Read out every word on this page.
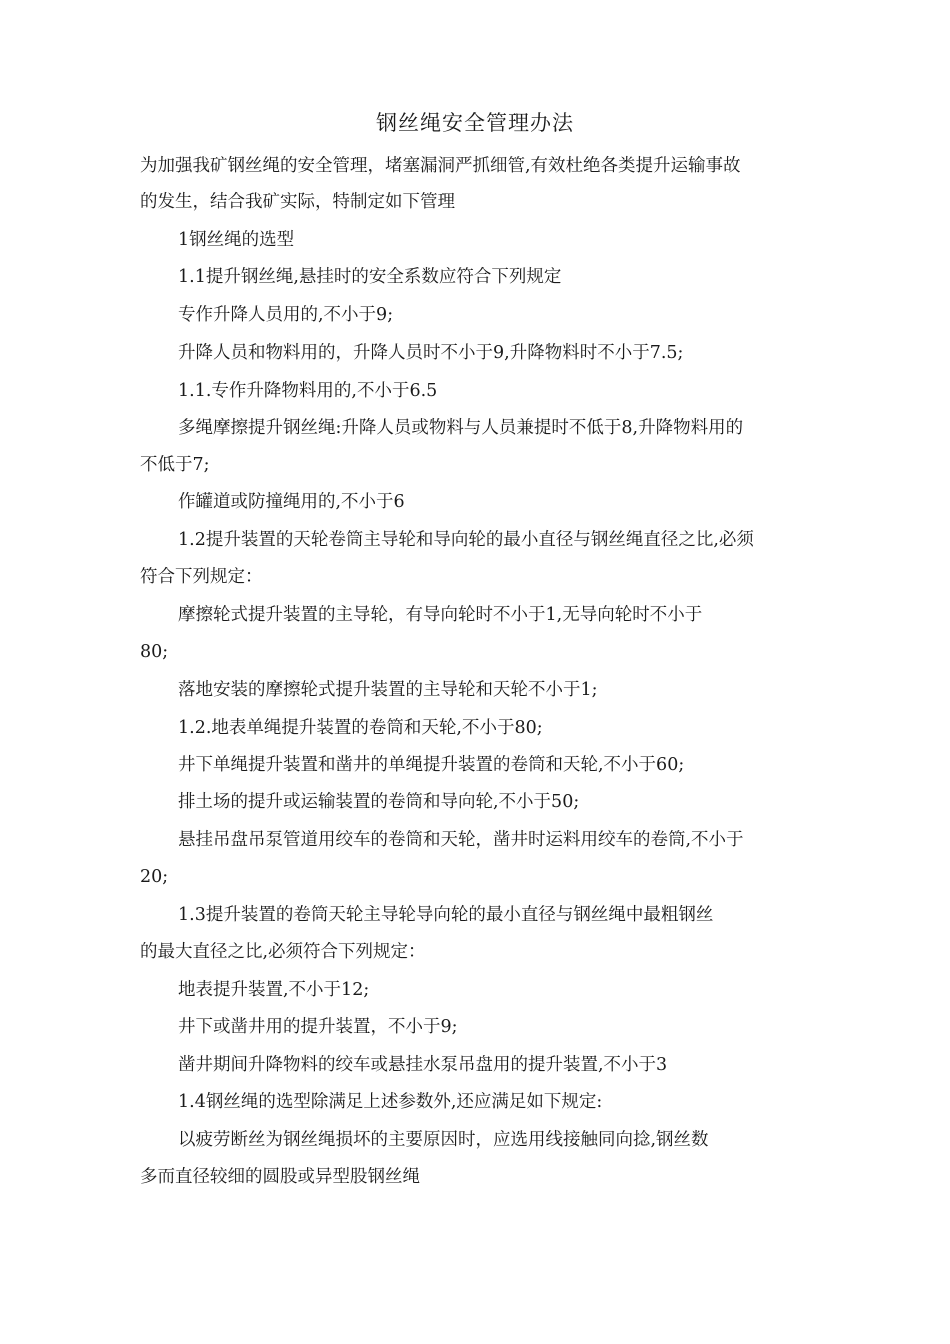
钢丝绳安全管理办法

为加强我矿钢丝绳的安全管理，堵塞漏洞严抓细管,有效杜绝各类提升运输事故

的发生，结合我矿实际，特制定如下管理

1钢丝绳的选型

1.1提升钢丝绳,悬挂时的安全系数应符合下列规定

专作升降人员用的,不小于9;

升降人员和物料用的，升降人员时不小于9,升降物料时不小于7.5;

1.1.专作升降物料用的,不小于6.5

多绳摩擦提升钢丝绳:升降人员或物料与人员兼提时不低于8,升降物料用的

不低于7;

作罐道或防撞绳用的,不小于6

1.2提升装置的天轮卷筒主导轮和导向轮的最小直径与钢丝绳直径之比,必须

符合下列规定：

摩擦轮式提升装置的主导轮，有导向轮时不小于1,无导向轮时不小于

80;

落地安装的摩擦轮式提升装置的主导轮和天轮不小于1;

1.2.地表单绳提升装置的卷筒和天轮,不小于80;

井下单绳提升装置和凿井的单绳提升装置的卷筒和天轮,不小于60;

排土场的提升或运输装置的卷筒和导向轮,不小于50;

悬挂吊盘吊泵管道用绞车的卷筒和天轮，凿井时运料用绞车的卷筒,不小于

20;

1.3提升装置的卷筒天轮主导轮导向轮的最小直径与钢丝绳中最粗钢丝

的最大直径之比,必须符合下列规定：

地表提升装置,不小于12;

井下或凿井用的提升装置，不小于9;

凿井期间升降物料的绞车或悬挂水泵吊盘用的提升装置,不小于3

1.4钢丝绳的选型除满足上述参数外,还应满足如下规定:

以疲劳断丝为钢丝绳损坏的主要原因时，应选用线接触同向捻,钢丝数

多而直径较细的圆股或异型股钢丝绳
